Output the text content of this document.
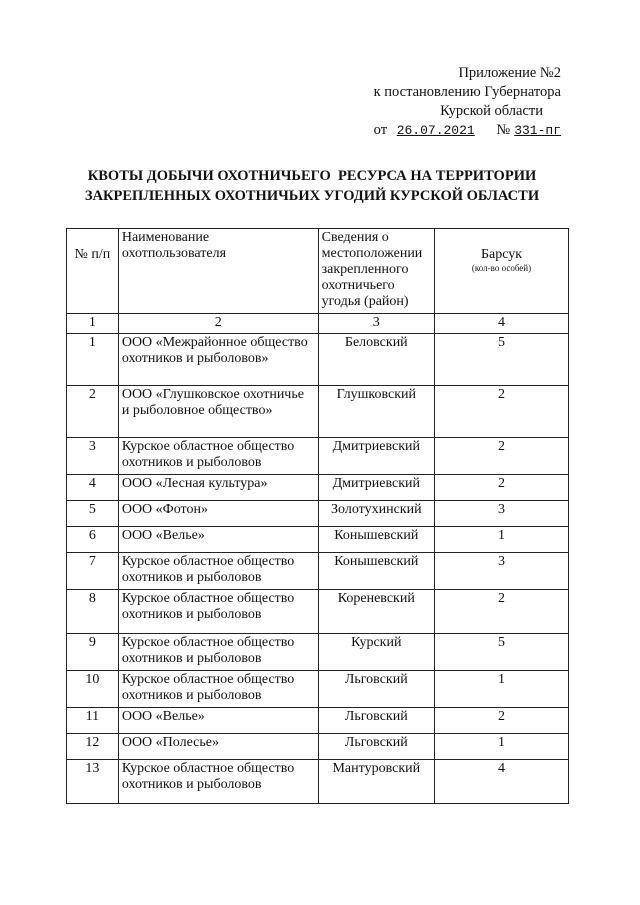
Приложение №2
к постановлению Губернатора
Курской области
от 26.07.2021 № 331-пг
КВОТЫ ДОБЫЧИ ОХОТНИЧЬЕГО  РЕСУРСА НА ТЕРРИТОРИИ
ЗАКРЕПЛЕННЫХ ОХОТНИЧЬИХ УГОДИЙ КУРСКОЙ ОБЛАСТИ
№ п/п	Наименование охотпользователя	Сведения о местоположении закрепленного охотничьего угодья (район)	Барсук
(кол-во особей)

1	2	3	4
1	ООО «Межрайонное общество охотников и рыболовов»	Беловский	5
2	ООО «Глушковское охотничье и рыболовное общество»	Глушковский	2
3	Курское областное общество охотников и рыболовов	Дмитриевский	2
4	ООО «Лесная культура»	Дмитриевский	2
5	ООО «Фотон»	Золотухинский	3
6	ООО «Велье»	Конышевский	1
7	Курское областное общество охотников и рыболовов	Конышевский	3
8	Курское областное общество охотников и рыболовов	Кореневский	2
9	Курское областное общество охотников и рыболовов	Курский	5
10	Курское областное общество охотников и рыболовов	Льговский	1
11	ООО «Велье»	Льговский	2
12	ООО «Полесье»	Льговский	1
13	Курское областное общество охотников и рыболовов	Мантуровский	4
